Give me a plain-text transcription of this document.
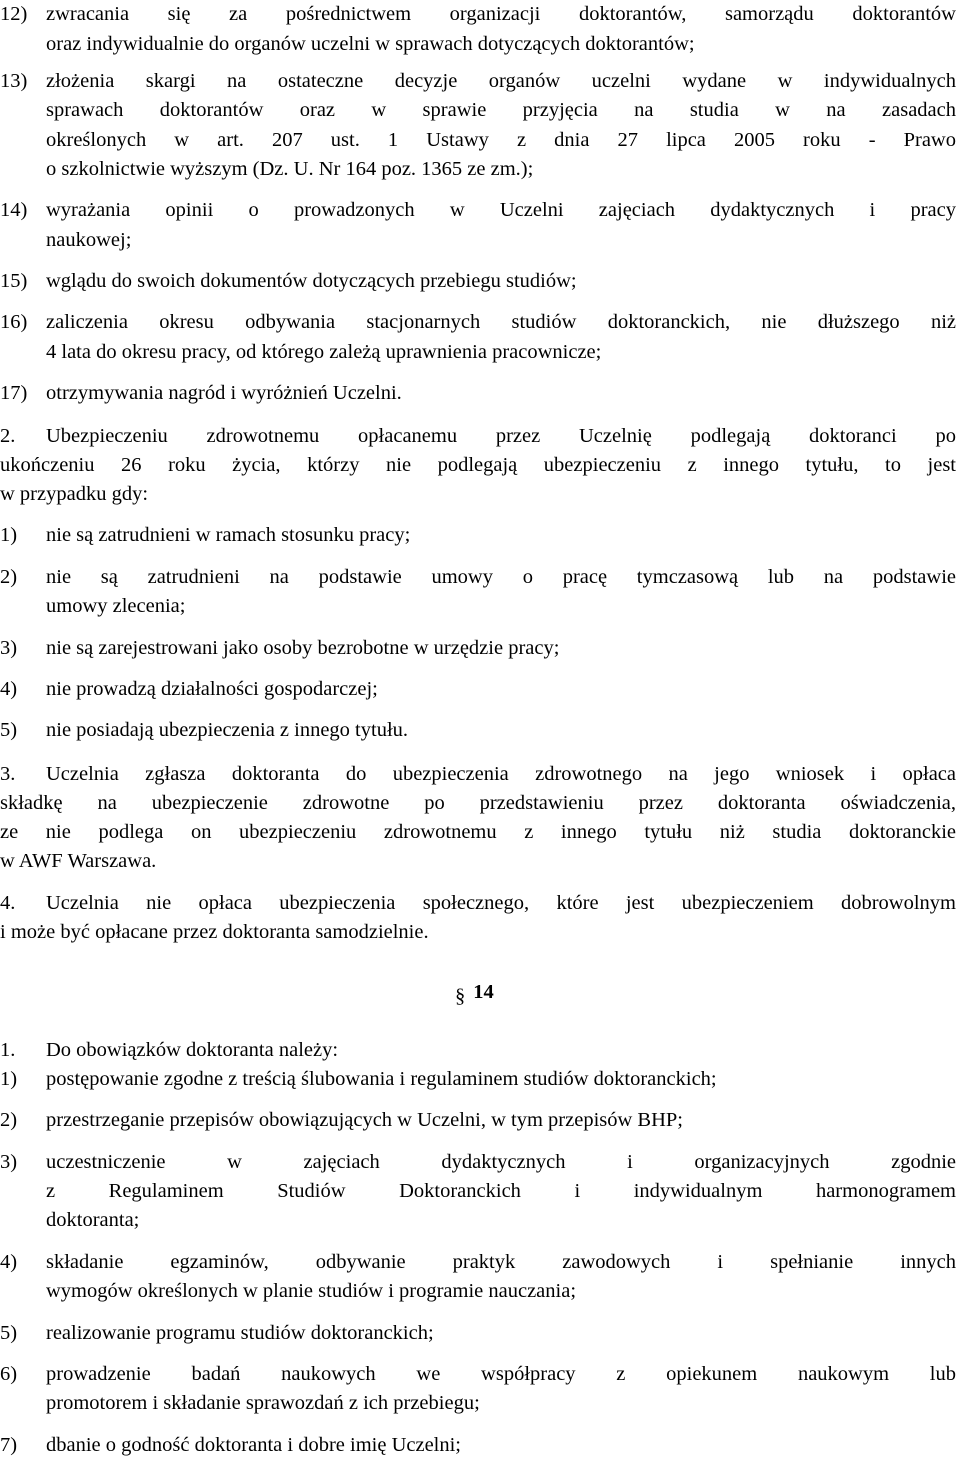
12) zwracania się za pośrednictwem organizacji doktorantów, samorządu doktorantów
oraz indywidualnie do organów uczelni w sprawach dotyczących doktorantów;
13) złożenia skargi na ostateczne decyzje organów uczelni wydane w indywidualnych
sprawach doktorantów oraz w sprawie przyjęcia na studia w na zasadach
określonych w art. 207 ust. 1 Ustawy z dnia 27 lipca 2005 roku - Prawo
o szkolnictwie wyższym (Dz. U. Nr 164 poz. 1365 ze zm.);
14) wyrażania opinii o prowadzonych w Uczelni zajęciach dydaktycznych i pracy
naukowej;
15) wglądu do swoich dokumentów dotyczących przebiegu studiów;
16) zaliczenia okresu odbywania stacjonarnych studiów doktoranckich, nie dłuższego niż
4 lata do okresu pracy, od którego zależą uprawnienia pracownicze;
17) otrzymywania nagród i wyróżnień Uczelni.
2.	Ubezpieczeniu zdrowotnemu opłacanemu przez Uczelnię podlegają doktoranci po
ukończeniu 26 roku życia, którzy nie podlegają ubezpieczeniu z innego tytułu, to jest
w przypadku gdy:
1) nie są zatrudnieni w ramach stosunku pracy;
2) nie są zatrudnieni na podstawie umowy o pracę tymczasową lub na podstawie
umowy zlecenia;
3) nie są zarejestrowani jako osoby bezrobotne w urzędzie pracy;
4) nie prowadzą działalności gospodarczej;
5) nie posiadają ubezpieczenia z innego tytułu.
3. Uczelnia zgłasza doktoranta do ubezpieczenia zdrowotnego na jego wniosek i opłaca
składkę na ubezpieczenie zdrowotne po przedstawieniu przez doktoranta oświadczenia,
ze nie podlega on ubezpieczeniu zdrowotnemu z innego tytułu niż studia doktoranckie
w AWF Warszawa.
4. Uczelnia nie opłaca ubezpieczenia społecznego, które jest ubezpieczeniem dobrowolnym
i może być opłacane przez doktoranta samodzielnie.
§ 14
1. Do obowiązków doktoranta należy:
1) postępowanie zgodne z treścią ślubowania i regulaminem studiów doktoranckich;
2) przestrzeganie przepisów obowiązujących w Uczelni, w tym przepisów BHP;
3) uczestniczenie w zajęciach dydaktycznych i organizacyjnych zgodnie
z Regulaminem Studiów Doktoranckich i indywidualnym harmonogramem
doktoranta;
4) składanie egzaminów, odbywanie praktyk zawodowych i spełnianie innych
wymogów określonych w planie studiów i programie nauczania;
5) realizowanie programu studiów doktoranckich;
6) prowadzenie badań naukowych we współpracy z opiekunem naukowym lub
promotorem i składanie sprawozdań z ich przebiegu;
7) dbanie o godność doktoranta i dobre imię Uczelni;
